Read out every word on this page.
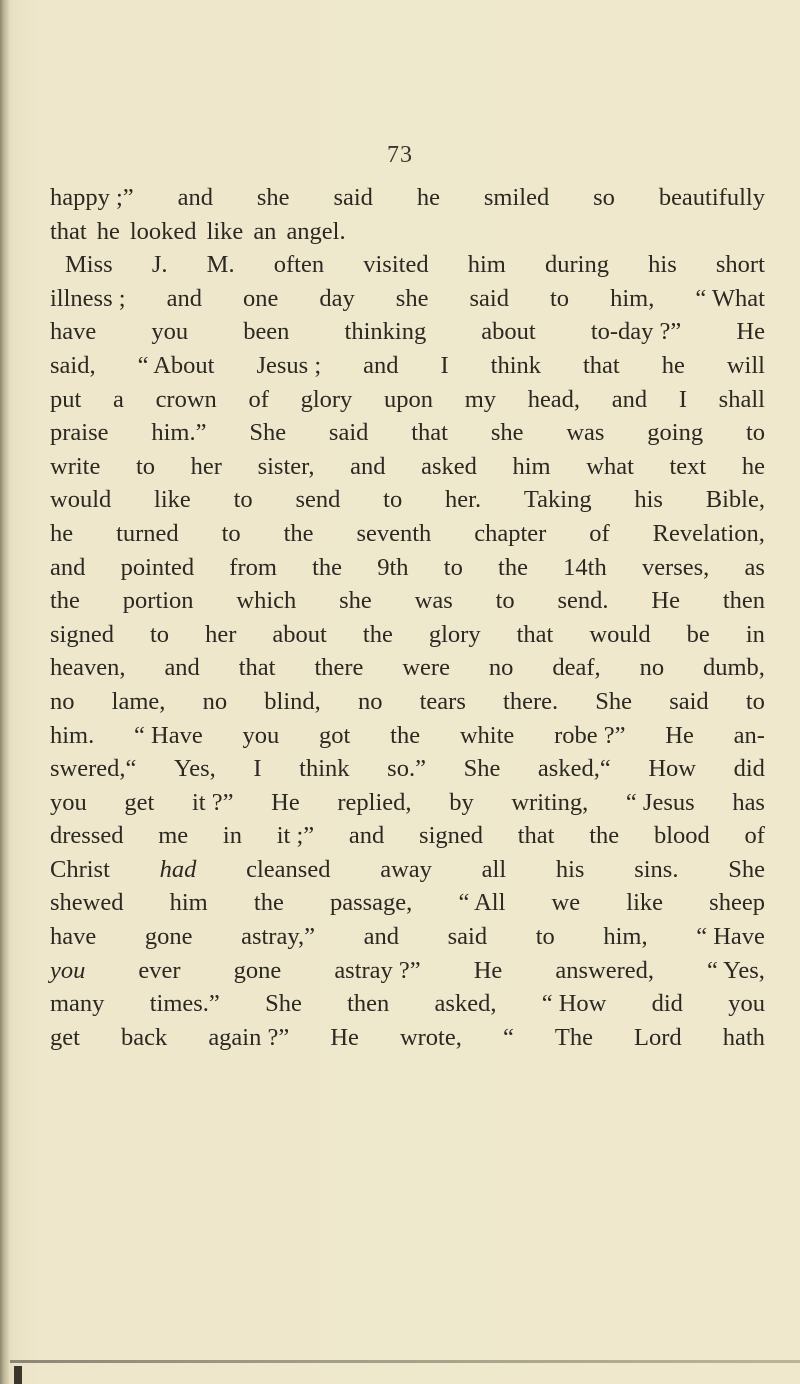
73
happy ;” and she said he smiled so beautifully
that he looked like an angel.
Miss J. M. often visited him during his short
illness ; and one day she said to him, “ What
have you been thinking about to-day ?” He
said, “ About Jesus ; and I think that he will
put a crown of glory upon my head, and I shall
praise him.” She said that she was going to
write to her sister, and asked him what text he
would like to send to her. Taking his Bible,
he turned to the seventh chapter of Revelation,
and pointed from the 9th to the 14th verses, as
the portion which she was to send. He then
signed to her about the glory that would be in
heaven, and that there were no deaf, no dumb,
no lame, no blind, no tears there. She said to
him. “ Have you got the white robe ?” He an-
swered,“ Yes, I think so.” She asked,“ How did
you get it ?” He replied, by writing, “ Jesus has
dressed me in it ;” and signed that the blood of
Christ had cleansed away all his sins. She
shewed him the passage, “ All we like sheep
have gone astray,” and said to him, “ Have
you ever gone astray ?” He answered, “ Yes,
many times.” She then asked, “ How did you
get back again ?” He wrote, “ The Lord hath
